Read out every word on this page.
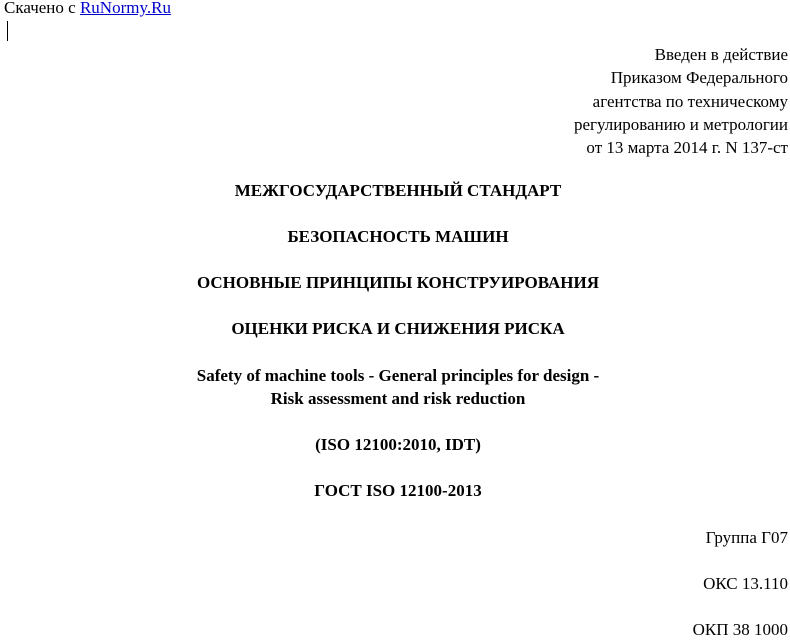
Скачено с RuNormy.Ru
Введен в действие
Приказом Федерального
агентства по техническому
регулированию и метрологии
от 13 марта 2014 г. N 137-ст
МЕЖГОСУДАРСТВЕННЫЙ СТАНДАРТ
БЕЗОПАСНОСТЬ МАШИН
ОСНОВНЫЕ ПРИНЦИПЫ КОНСТРУИРОВАНИЯ
ОЦЕНКИ РИСКА И СНИЖЕНИЯ РИСКА
Safety of machine tools - General principles for design -
Risk assessment and risk reduction
(ISO 12100:2010, IDT)
ГОСТ ISO 12100-2013
Группа Г07
ОКС 13.110
ОКП 38 1000
